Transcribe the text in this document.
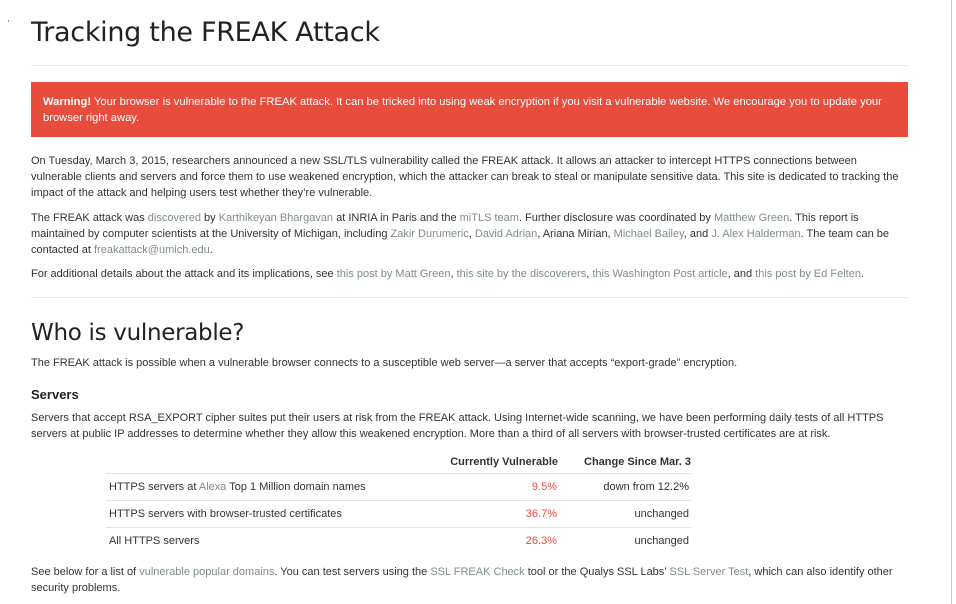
Tracking the FREAK Attack
Warning! Your browser is vulnerable to the FREAK attack. It can be tricked into using weak encryption if you visit a vulnerable website. We encourage you to update your browser right away.

On Tuesday, March 3, 2015, researchers announced a new SSL/TLS vulnerability called the FREAK attack. It allows an attacker to intercept HTTPS connections between vulnerable clients and servers and force them to use weakened encryption, which the attacker can break to steal or manipulate sensitive data. This site is dedicated to tracking the impact of the attack and helping users test whether they’re vulnerable.

The FREAK attack was discovered by Karthikeyan Bhargavan at INRIA in Paris and the miTLS team. Further disclosure was coordinated by Matthew Green. This report is maintained by computer scientists at the University of Michigan, including Zakir Durumeric, David Adrian, Ariana Mirian, Michael Bailey, and J. Alex Halderman. The team can be contacted at freakattack@umich.edu.

For additional details about the attack and its implications, see this post by Matt Green, this site by the discoverers, this Washington Post article, and this post by Ed Felten.

Who is vulnerable?

The FREAK attack is possible when a vulnerable browser connects to a susceptible web server—a server that accepts “export-grade” encryption.

Servers

Servers that accept RSA_EXPORT cipher suites put their users at risk from the FREAK attack. Using Internet-wide scanning, we have been performing daily tests of all HTTPS servers at public IP addresses to determine whether they allow this weakened encryption. More than a third of all servers with browser-trusted certificates are at risk.

	Currently Vulnerable	Change Since Mar. 3
HTTPS servers at Alexa Top 1 Million domain names	9.5%	down from 12.2%
HTTPS servers with browser-trusted certificates	36.7%	unchanged
All HTTPS servers	26.3%	unchanged

See below for a list of vulnerable popular domains. You can test servers using the SSL FREAK Check tool or the Qualys SSL Labs’ SSL Server Test, which can also identify other security problems.
